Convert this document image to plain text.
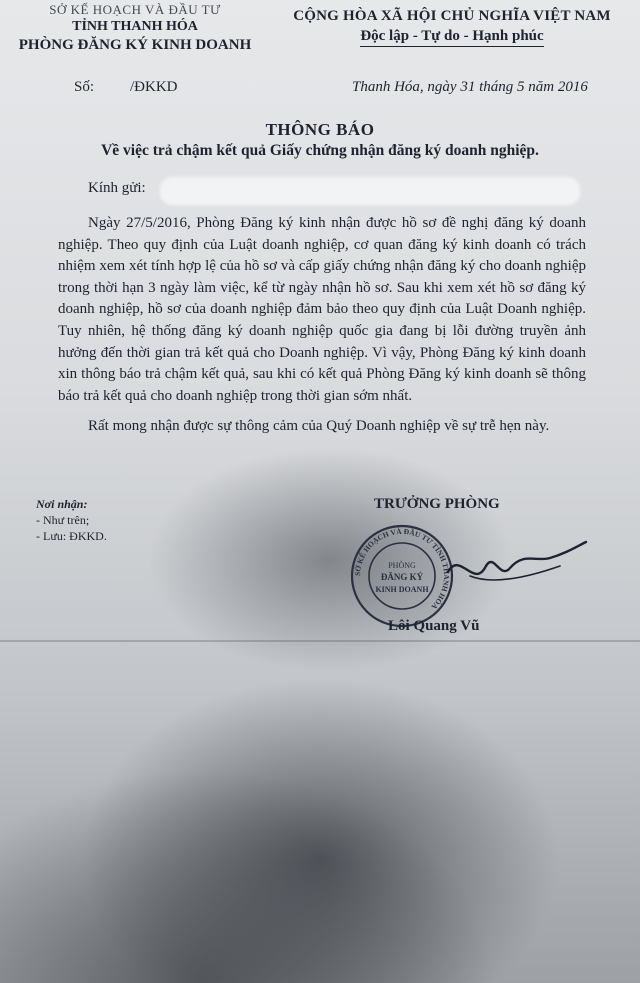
SỞ KẾ HOẠCH VÀ ĐẦU TƯ
TỈNH THANH HÓA
PHÒNG ĐĂNG KÝ KINH DOANH
CỘNG HÒA XÃ HỘI CHỦ NGHĨA VIỆT NAM
Độc lập - Tự do - Hạnh phúc
Số: /ĐKKD	Thanh Hóa, ngày 31 tháng 5 năm 2016
THÔNG BÁO
Về việc trả chậm kết quả Giấy chứng nhận đăng ký doanh nghiệp.
Kính gửi:

Ngày 27/5/2016, Phòng Đăng ký kinh nhận được hồ sơ đề nghị đăng ký doanh nghiệp. Theo quy định của Luật doanh nghiệp, cơ quan đăng ký kinh doanh có trách nhiệm xem xét tính hợp lệ của hồ sơ và cấp giấy chứng nhận đăng ký cho doanh nghiệp trong thời hạn 3 ngày làm việc, kể từ ngày nhận hồ sơ. Sau khi xem xét hồ sơ đăng ký doanh nghiệp, hồ sơ của doanh nghiệp đảm bảo theo quy định của Luật Doanh nghiệp. Tuy nhiên, hệ thống đăng ký doanh nghiệp quốc gia đang bị lỗi đường truyền ảnh hưởng đến thời gian trả kết quả cho Doanh nghiệp. Vì vậy, Phòng Đăng ký kinh doanh xin thông báo trả chậm kết quả, sau khi có kết quả Phòng Đăng ký kinh doanh sẽ thông báo trả kết quả cho doanh nghiệp trong thời gian sớm nhất.

Rất mong nhận được sự thông cảm của Quý Doanh nghiệp về sự trễ hẹn này.

Nơi nhận:
- Như trên;
- Lưu: ĐKKD.
TRƯỞNG PHÒNG
SỞ KẾ HOẠCH VÀ ĐẦU TƯ TỈNH THANH HÓA
PHÒNG
ĐĂNG KÝ
KINH DOANH
Lôi Quang Vũ
